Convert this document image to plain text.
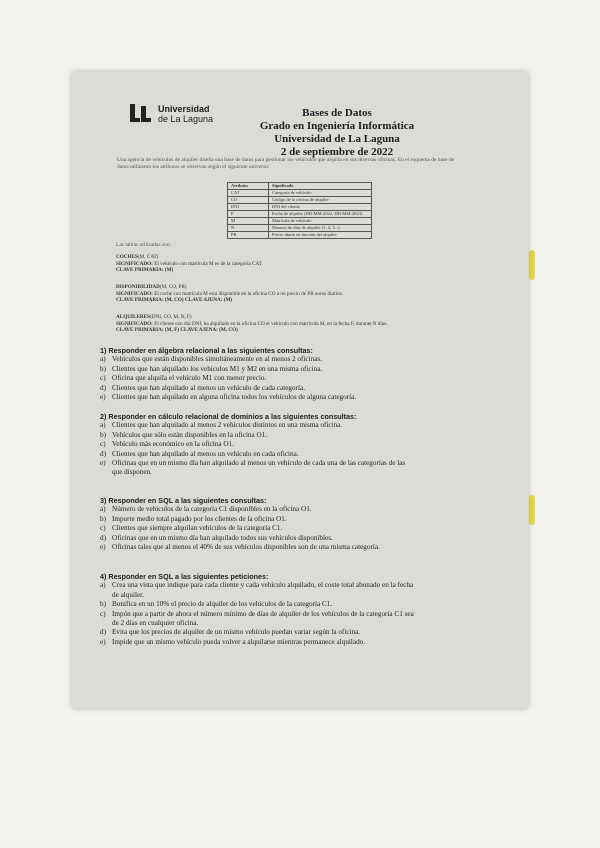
Universidad
de La Laguna	Bases de Datos
Grado en Ingeniería Informática
Universidad de La Laguna
2 de septiembre de 2022
Una agencia de vehículos de alquiler diseña una base de datos para gestionar los vehículos que alquila en sus diversas oficinas. En el esquema de base de datos utilizaron los atributos se observan según el siguiente universo:
Atributo	Significado
CAT	Categoría de vehículo
CO	Código de la oficina de alquiler
DNI	DNI del cliente
F	Fecha de alquiler (DD-MM-2022, DD-MM-2023)
M	Matrícula de vehículo
N	Número de días de alquiler (1, 2, 3...)
PR	Precio diario en función del alquiler
Las tablas utilizadas son:
COCHES(M, CAT)
SIGNIFICADO: El vehículo con matrícula M es de la categoría CAT.
CLAVE PRIMARIA: (M)
DISPONIBILIDAD(M, CO, PR)
SIGNIFICADO: El coche con matrícula M está disponible en la oficina CO a un precio de PR euros diarios.
CLAVE PRIMARIA: (M, CO) CLAVE AJENA: (M)
ALQUILERES(DNI, CO, M, N, F)
SIGNIFICADO: El cliente con dni DNI, ha alquilado en la oficina CO el vehículo con matrícula M, en la fecha F, durante N días.
CLAVE PRIMARIA: (M, F) CLAVE AJENA: (M, CO)
1) Responder en álgebra relacional a las siguientes consultas:
a) Vehículos que están disponibles simultáneamente en al menos 2 oficinas.
b) Clientes que han alquilado los vehículos M1 y M2 en una misma oficina.
c) Oficina que alquila el vehículo M1 con menor precio.
d) Clientes que han alquilado al menos un vehículo de cada categoría.
e) Clientes que han alquilado en alguna oficina todos los vehículos de alguna categoría.
2) Responder en cálculo relacional de dominios a las siguientes consultas:
a) Clientes que han alquilado al menos 2 vehículos distintos en una misma oficina.
b) Vehículos que sólo están disponibles en la oficina O1.
c) Vehículo más económico en la oficina O1.
d) Clientes que han alquilado al menos un vehículo en cada oficina.
e) Oficinas que en un mismo día han alquilado al menos un vehículo de cada una de las categorías de las
que disponen.
3) Responder en SQL a las siguientes consultas:
a) Número de vehículos de la categoría C1 disponibles en la oficina O1.
b) Importe medio total pagado por los clientes de la oficina O1.
c) Clientes que siempre alquilan vehículos de la categoría C1.
d) Oficinas que en un mismo día han alquilado todos sus vehículos disponibles.
e) Oficinas tales que al menos el 40% de sus vehículos disponibles son de una misma categoría.
4) Responder en SQL a las siguientes peticiones:
a) Crea una vista que indique para cada cliente y cada vehículo alquilado, el coste total abonado en la fecha
de alquiler.
b) Bonifica en un 10% el precio de alquiler de los vehículos de la categoría C1.
c) Impón que a partir de ahora el número mínimo de días de alquiler de los vehículos de la categoría C1 sea
de 2 días en cualquier oficina.
d) Evita que los precios de alquiler de un mismo vehículo puedan variar según la oficina.
e) Impide que un mismo vehículo pueda volver a alquilarse mientras permanece alquilado.
